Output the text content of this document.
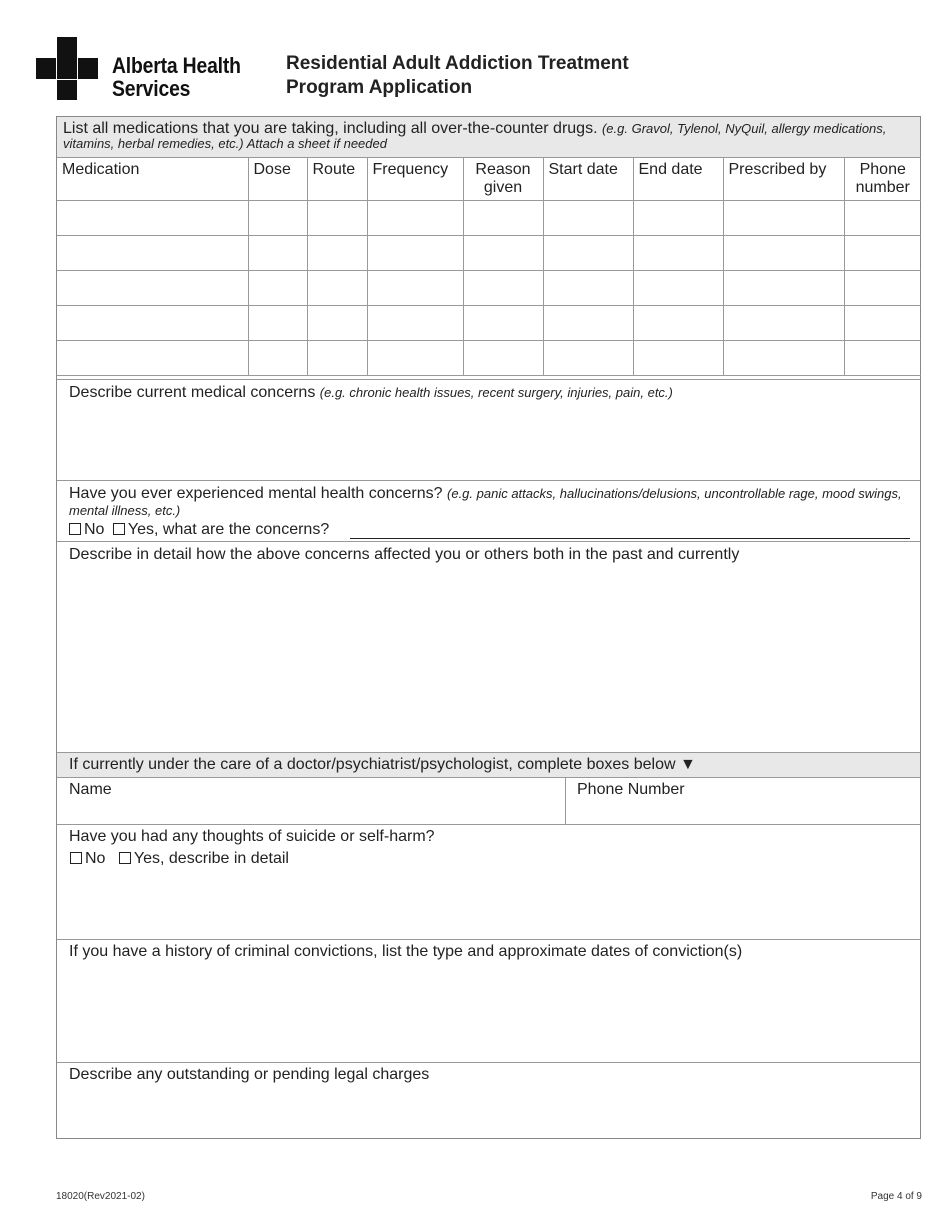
Alberta Health
Services
Residential Adult Addiction Treatment
Program Application
List all medications that you are taking, including all over-the-counter drugs. (e.g. Gravol, Tylenol, NyQuil, allergy medications, vitamins, herbal remedies, etc.) Attach a sheet if needed
Medication	Dose	Route	Frequency	Reason given	Start date	End date	Prescribed by	Phone number

Describe current medical concerns (e.g. chronic health issues, recent surgery, injuries, pain, etc.)
Have you ever experienced mental health concerns? (e.g. panic attacks, hallucinations/delusions, uncontrollable rage, mood swings, mental illness, etc.)
No Yes, what are the concerns?
Describe in detail how the above concerns affected you or others both in the past and currently
If currently under the care of a doctor/psychiatrist/psychologist, complete boxes below ▼
Name	Phone Number
Have you had any thoughts of suicide or self-harm?
No Yes, describe in detail
If you have a history of criminal convictions, list the type and approximate dates of conviction(s)
Describe any outstanding or pending legal charges
18020(Rev2021-02)	Page 4 of 9
